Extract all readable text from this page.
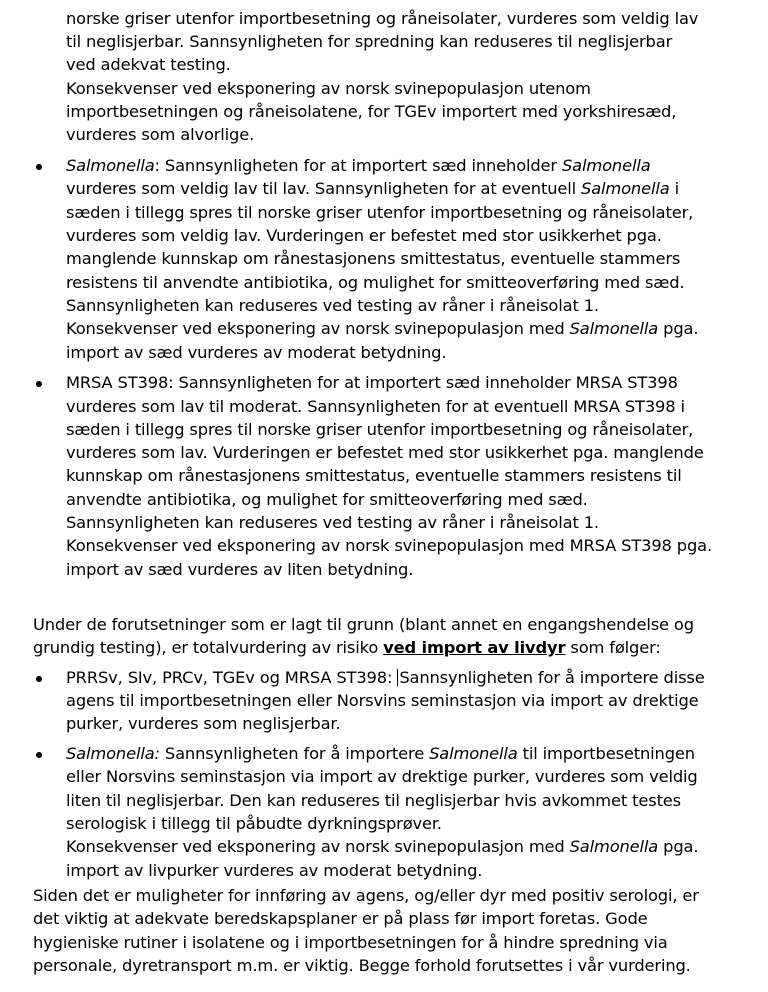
norske griser utenfor importbesetning og råneisolater, vurderes som veldig lav
til neglisjerbar. Sannsynligheten for spredning kan reduseres til neglisjerbar
ved adekvat testing.
Konsekvenser ved eksponering av norsk svinepopulasjon utenom
importbesetningen og råneisolatene, for TGEv importert med yorkshiresæd,
vurderes som alvorlige.
Salmonella: Sannsynligheten for at importert sæd inneholder Salmonella
vurderes som veldig lav til lav. Sannsynligheten for at eventuell Salmonella i
sæden i tillegg spres til norske griser utenfor importbesetning og råneisolater,
vurderes som veldig lav. Vurderingen er befestet med stor usikkerhet pga.
manglende kunnskap om rånestasjonens smittestatus, eventuelle stammers
resistens til anvendte antibiotika, og mulighet for smitteoverføring med sæd.
Sannsynligheten kan reduseres ved testing av råner i råneisolat 1.
Konsekvenser ved eksponering av norsk svinepopulasjon med Salmonella pga.
import av sæd vurderes av moderat betydning.
MRSA ST398: Sannsynligheten for at importert sæd inneholder MRSA ST398
vurderes som lav til moderat. Sannsynligheten for at eventuell MRSA ST398 i
sæden i tillegg spres til norske griser utenfor importbesetning og råneisolater,
vurderes som lav. Vurderingen er befestet med stor usikkerhet pga. manglende
kunnskap om rånestasjonens smittestatus, eventuelle stammers resistens til
anvendte antibiotika, og mulighet for smitteoverføring med sæd.
Sannsynligheten kan reduseres ved testing av råner i råneisolat 1.
Konsekvenser ved eksponering av norsk svinepopulasjon med MRSA ST398 pga.
import av sæd vurderes av liten betydning.
Under de forutsetninger som er lagt til grunn (blant annet en engangshendelse og
grundig testing), er totalvurdering av risiko ved import av livdyr som følger:
PRRSv, SIv, PRCv, TGEv og MRSA ST398: Sannsynligheten for å importere disse
agens til importbesetningen eller Norsvins seminstasjon via import av drektige
purker, vurderes som neglisjerbar.
Salmonella: Sannsynligheten for å importere Salmonella til importbesetningen
eller Norsvins seminstasjon via import av drektige purker, vurderes som veldig
liten til neglisjerbar. Den kan reduseres til neglisjerbar hvis avkommet testes
serologisk i tillegg til påbudte dyrkningsprøver.
Konsekvenser ved eksponering av norsk svinepopulasjon med Salmonella pga.
import av livpurker vurderes av moderat betydning.
Siden det er muligheter for innføring av agens, og/eller dyr med positiv serologi, er
det viktig at adekvate beredskapsplaner er på plass før import foretas. Gode
hygieniske rutiner i isolatene og i importbesetningen for å hindre spredning via
personale, dyretransport m.m. er viktig. Begge forhold forutsettes i vår vurdering.
